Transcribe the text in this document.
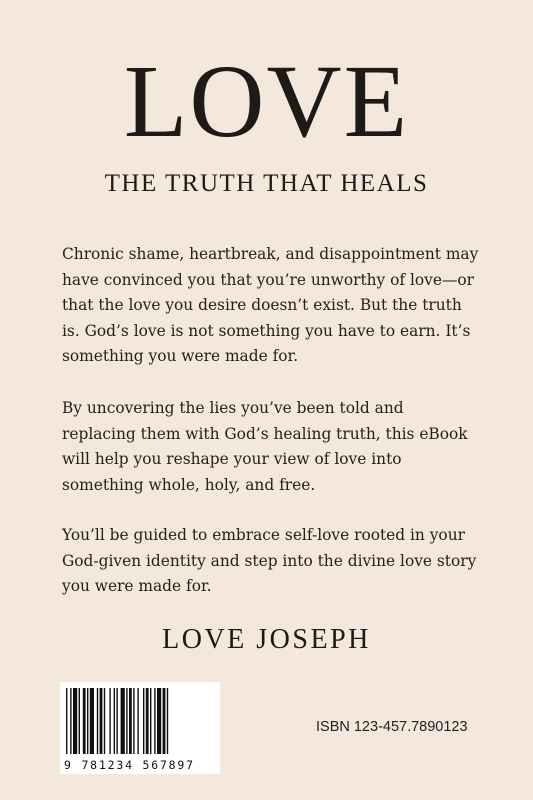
LOVE
THE TRUTH THAT HEALS
Chronic shame, heartbreak, and disappointment may have convinced you that you’re unworthy of love—or that the love you desire doesn’t exist. But the truth is. God’s love is not something you have to earn. It’s something you were made for.
By uncovering the lies you’ve been told and replacing them with God’s healing truth, this eBook will help you reshape your view of love into something whole, holy, and free.
You’ll be guided to embrace self-love rooted in your God-given identity and step into the divine love story you were made for.
LOVE JOSEPH
9 781234 567897
ISBN 123-457.7890123
